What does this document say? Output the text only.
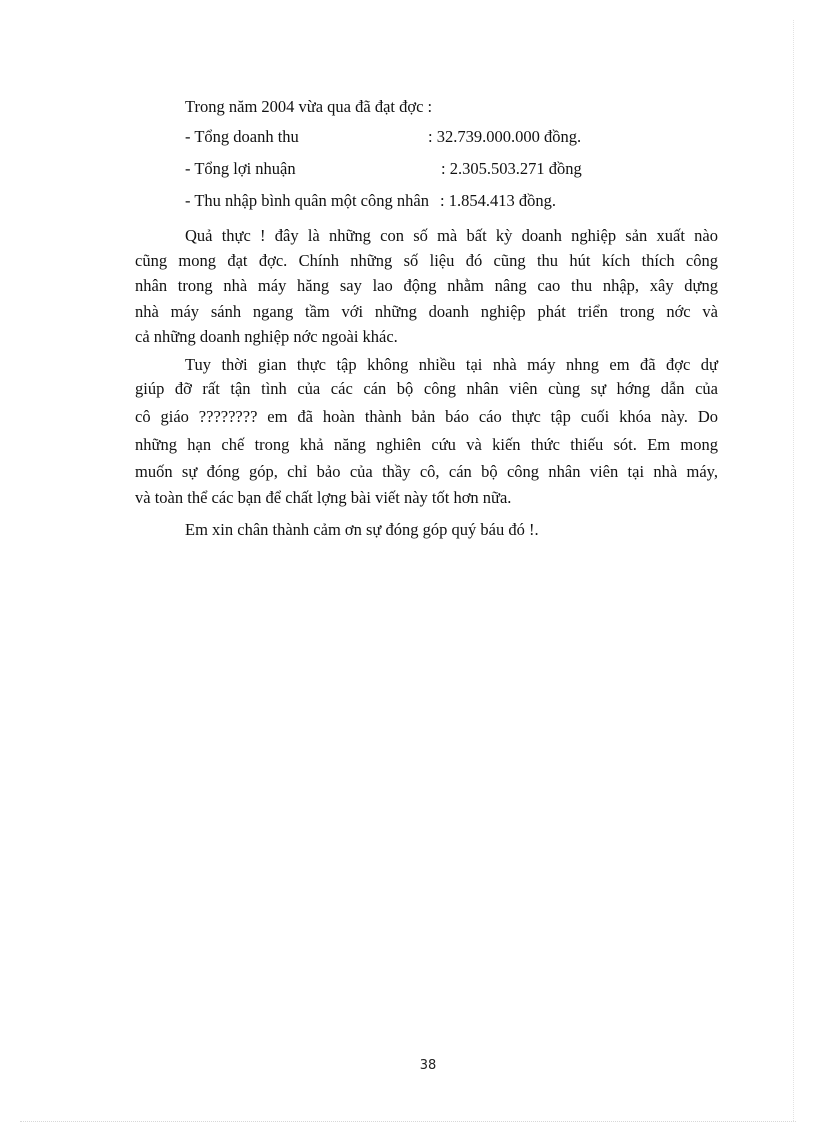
Trong năm 2004 vừa qua đã đạt đợc :
- Tổng doanh thu	: 32.739.000.000 đồng.
- Tổng lợi nhuận	: 2.305.503.271 đồng
- Thu nhập bình quân một công nhân : 1.854.413 đồng.
Quả thực ! đây là những con số mà bất kỳ doanh nghiệp sản xuất nào
cũng mong đạt đợc. Chính những số liệu đó cũng thu hút kích thích công
nhân trong nhà máy hăng say lao động nhằm nâng cao thu nhập, xây dựng
nhà máy sánh ngang tầm với những doanh nghiệp phát triển trong nớc và
cả những doanh nghiệp nớc ngoài khác.
Tuy thời gian thực tập không nhiều tại nhà máy nhng em đã đợc dự
giúp đỡ rất tận tình của các cán bộ công nhân viên cùng sự hớng dẫn của
cô giáo ???????? em đã hoàn thành bản báo cáo thực tập cuối khóa này. Do
những hạn chế trong khả năng nghiên cứu và kiến thức thiếu sót. Em mong
muốn sự đóng góp, chỉ bảo của thầy cô, cán bộ công nhân viên tại nhà máy,
và toàn thể các bạn để chất lợng bài viết này tốt hơn nữa.
Em xin chân thành cảm ơn sự đóng góp quý báu đó !.
38
